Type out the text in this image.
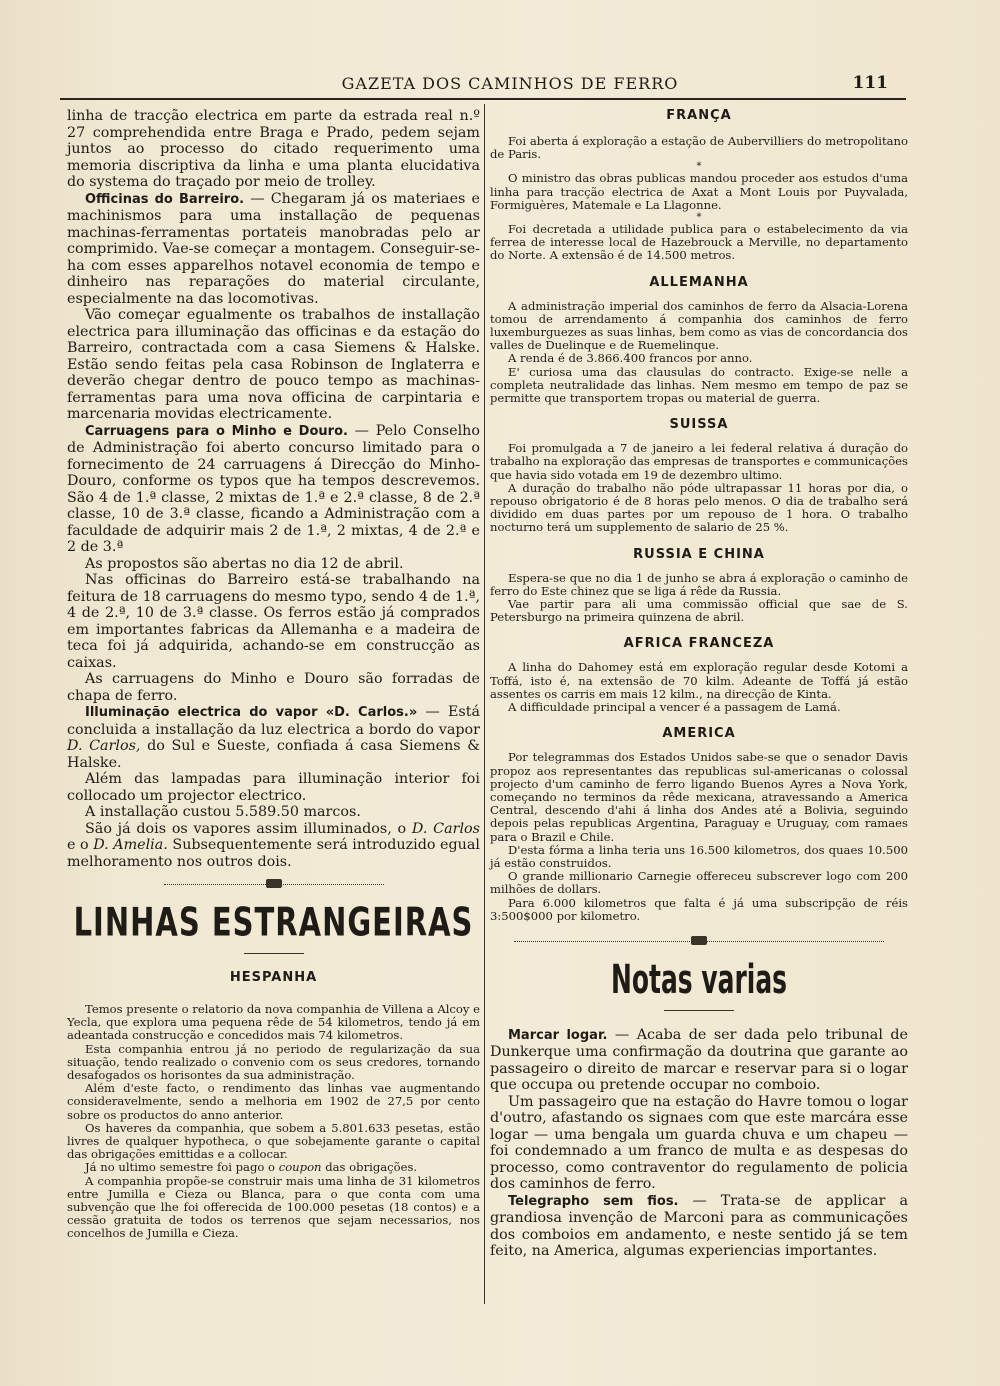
GAZETA DOS CAMINHOS DE FERRO	111

linha de tracção electrica em parte da estrada real n.º 27 comprehendida entre Braga e Prado, pedem sejam juntos ao processo do citado requerimento uma memoria discriptiva da linha e uma planta elucidativa do systema do traçado por meio de trolley.

Officinas do Barreiro. — Chegaram já os materiaes e machinismos para uma installação de pequenas machinas-ferramentas portateis manobradas pelo ar comprimido. Vae-se começar a montagem. Conseguir-se-ha com esses apparelhos notavel economia de tempo e dinheiro nas reparações do material circulante, especialmente na das locomotivas.

Vão começar egualmente os trabalhos de installação electrica para illuminação das officinas e da estação do Barreiro, contractada com a casa Siemens & Halske. Estão sendo feitas pela casa Robinson de Inglaterra e deverão chegar dentro de pouco tempo as machinas-ferramentas para uma nova officina de carpintaria e marcenaria movidas electricamente.

Carruagens para o Minho e Douro. — Pelo Conselho de Administração foi aberto concurso limitado para o fornecimento de 24 carruagens á Direcção do Minho-Douro, conforme os typos que ha tempos descrevemos. São 4 de 1.ª classe, 2 mixtas de 1.ª e 2.ª classe, 8 de 2.ª classe, 10 de 3.ª classe, ficando a Administração com a faculdade de adquirir mais 2 de 1.ª, 2 mixtas, 4 de 2.ª e 2 de 3.ª

As propostos são abertas no dia 12 de abril.

Nas officinas do Barreiro está-se trabalhando na feitura de 18 carruagens do mesmo typo, sendo 4 de 1.ª, 4 de 2.ª, 10 de 3.ª classe. Os ferros estão já comprados em importantes fabricas da Allemanha e a madeira de teca foi já adquirida, achando-se em construcção as caixas.

As carruagens do Minho e Douro são forradas de chapa de ferro.

Illuminação electrica do vapor «D. Carlos.» — Está concluida a installação da luz electrica a bordo do vapor D. Carlos, do Sul e Sueste, confiada á casa Siemens & Halske.

Além das lampadas para illuminação interior foi collocado um projector electrico.

A installação custou 5.589.50 marcos.

São já dois os vapores assim illuminados, o D. Carlos e o D. Amelia. Subsequentemente será introduzido egual melhoramento nos outros dois.

LINHAS ESTRANGEIRAS
HESPANHA

Temos presente o relatorio da nova companhia de Villena a Alcoy e Yecla, que explora uma pequena rêde de 54 kilometros, tendo já em adeantada construcção e concedidos mais 74 kilometros.

Esta companhia entrou já no periodo de regularização da sua situação, tendo realizado o convenio com os seus credores, tornando desafogados os horisontes da sua administração.

Além d'este facto, o rendimento das linhas vae augmentando consideravelmente, sendo a melhoria em 1902 de 27,5 por cento sobre os productos do anno anterior.

Os haveres da companhia, que sobem a 5.801.633 pesetas, estão livres de qualquer hypotheca, o que sobejamente garante o capital das obrigações emittidas e a collocar.

Já no ultimo semestre foi pago o coupon das obrigações.

A companhia propõe-se construir mais uma linha de 31 kilometros entre Jumilla e Cieza ou Blanca, para o que conta com uma subvenção que lhe foi offerecida de 100.000 pesetas (18 contos) e a cessão gratuita de todos os terrenos que sejam necessarios, nos concelhos de Jumilla e Cieza.

FRANÇA

Foi aberta á exploração a estação de Aubervilliers do metropolitano de Paris.

*

O ministro das obras publicas mandou proceder aos estudos d'uma linha para tracção electrica de Axat a Mont Louis por Puyvalada, Formiguères, Matemale e La Llagonne.

*

Foi decretada a utilidade publica para o estabelecimento da via ferrea de interesse local de Hazebrouck a Merville, no departamento do Norte. A extensão é de 14.500 metros.

ALLEMANHA

A administração imperial dos caminhos de ferro da Alsacia-Lorena tomou de arrendamento á companhia dos caminhos de ferro luxemburguezes as suas linhas, bem como as vias de concordancia dos valles de Duelinque e de Ruemelinque.

A renda é de 3.866.400 francos por anno.

E' curiosa uma das clausulas do contracto. Exige-se nelle a completa neutralidade das linhas. Nem mesmo em tempo de paz se permitte que transportem tropas ou material de guerra.

SUISSA

Foi promulgada a 7 de janeiro a lei federal relativa á duração do trabalho na exploração das empresas de transportes e communicações que havia sido votada em 19 de dezembro ultimo.

A duração do trabalho não póde ultrapassar 11 horas por dia, o repouso obrigatorio é de 8 horas pelo menos. O dia de trabalho será dividido em duas partes por um repouso de 1 hora. O trabalho nocturno terá um supplemento de salario de 25 %.

RUSSIA E CHINA

Espera-se que no dia 1 de junho se abra á exploração o caminho de ferro do Este chinez que se liga á rêde da Russia.

Vae partir para ali uma commissão official que sae de S. Petersburgo na primeira quinzena de abril.

AFRICA FRANCEZA

A linha do Dahomey está em exploração regular desde Kotomi a Toffá, isto é, na extensão de 70 kilm. Adeante de Toffá já estão assentes os carris em mais 12 kilm., na direcção de Kinta.

A difficuldade principal a vencer é a passagem de Lamá.

AMERICA

Por telegrammas dos Estados Unidos sabe-se que o senador Davis propoz aos representantes das republicas sul-americanas o colossal projecto d'um caminho de ferro ligando Buenos Ayres a Nova York, começando no terminos da rêde mexicana, atravessando a America Central, descendo d'ahi á linha dos Andes até a Bolivia, seguindo depois pelas republicas Argentina, Paraguay e Uruguay, com ramaes para o Brazil e Chile.

D'esta fórma a linha teria uns 16.500 kilometros, dos quaes 10.500 já estão construidos.

O grande millionario Carnegie offereceu subscrever logo com 200 milhões de dollars.

Para 6.000 kilometros que falta é já uma subscripção de réis 3:500$000 por kilometro.

Notas varias

Marcar logar. — Acaba de ser dada pelo tribunal de Dunkerque uma confirmação da doutrina que garante ao passageiro o direito de marcar e reservar para si o logar que occupa ou pretende occupar no comboio.

Um passageiro que na estação do Havre tomou o logar d'outro, afastando os signaes com que este marcára esse logar — uma bengala um guarda chuva e um chapeu — foi condemnado a um franco de multa e as despesas do processo, como contraventor do regulamento de policia dos caminhos de ferro.

Telegrapho sem fios. — Trata-se de applicar a grandiosa invenção de Marconi para as communicações dos comboios em andamento, e neste sentido já se tem feito, na America, algumas experiencias importantes.
